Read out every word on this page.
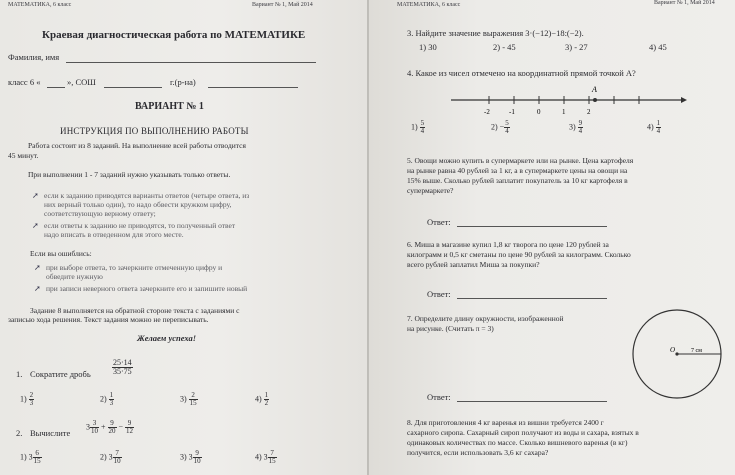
МАТЕМАТИКА, 6 класс	Вариант № 1, Май 2014
Краевая диагностическая работа по МАТЕМАТИКЕ
Фамилия, имя
класс 6 «	», СОШ	г.(р-на)
ВАРИАНТ № 1
ИНСТРУКЦИЯ ПО ВЫПОЛНЕНИЮ РАБОТЫ
Работа состоит из 8 заданий. На выполнение всей работы отводится
45 минут.
При выполнении 1 - 7 заданий нужно указывать только ответы.
➚ если к заданию приводятся варианты ответов (четыре ответа, из
них верный только один), то надо обвести кружком цифру,
соответствующую верному ответу;
➚ если ответы к заданию не приводятся, то полученный ответ
надо вписать в отведенном для этого месте.
Если вы ошиблись:
➚ при выборе ответа, то зачеркните отмеченную цифру и
обведите нужную
➚ при записи неверного ответа зачеркните его и запишите новый
Задание 8 выполняется на обратной стороне текста с заданиями с
записью хода решения. Текст задания можно не переписывать.
Желаем успеха!
1. Сократите дробь	$\frac{25\cdot 14}{35\cdot 75}$
$1) \frac{2}{3}$	$2) \frac{1}{3}$	$3) \frac{2}{15}$	$4) \frac{1}{2}$
2. Вычислите
$3 \frac{3}{10} + \frac{9}{20} - \frac{9}{12}$
1) $3 \frac{6}{15}$	2) $3 \frac{7}{10}$	3) $3 \frac{9}{10}$	4) $3 \frac{7}{15}$
МАТЕМАТИКА, 6 класс	Вариант № 1, Май 2014
3. Найдите значение выражения 3·(−12)−18:(−2).
1) 30	2) - 45	3) - 27	4) 45
4. Какое из чисел отмечено на координатной прямой точкой А?
A
-2	-1	0	1	2
$1) \frac{5}{4}$	$2) - \frac{5}{4}$	$3) \frac{9}{4}$	$4) \frac{1}{4}$
5. Овощи можно купить в супермаркете или на рынке. Цена картофеля
на рынке равна 40 рублей за 1 кг, а в супермаркете цены на овощи на
15% выше. Сколько рублей заплатит покупатель за 10 кг картофеля в
супермаркете?
Ответ:
6. Миша в магазине купил 1,8 кг творога по цене 120 рублей за
килограмм и 0,5 кг сметаны по цене 90 рублей за килограмм. Сколько
всего рублей заплатил Миша за покупки?
Ответ:
7. Определите длину окружности, изображенной
на рисунке. (Считать π = 3)
O	7 см
Ответ:
8. Для приготовления 4 кг варенья из вишни требуется 2400 г
сахарного сиропа. Сахарный сироп получают из воды и сахара, взятых в
одинаковых количествах по массе. Сколько вишневого варенья (в кг)
получится, если использовать 3,6 кг сахара?
